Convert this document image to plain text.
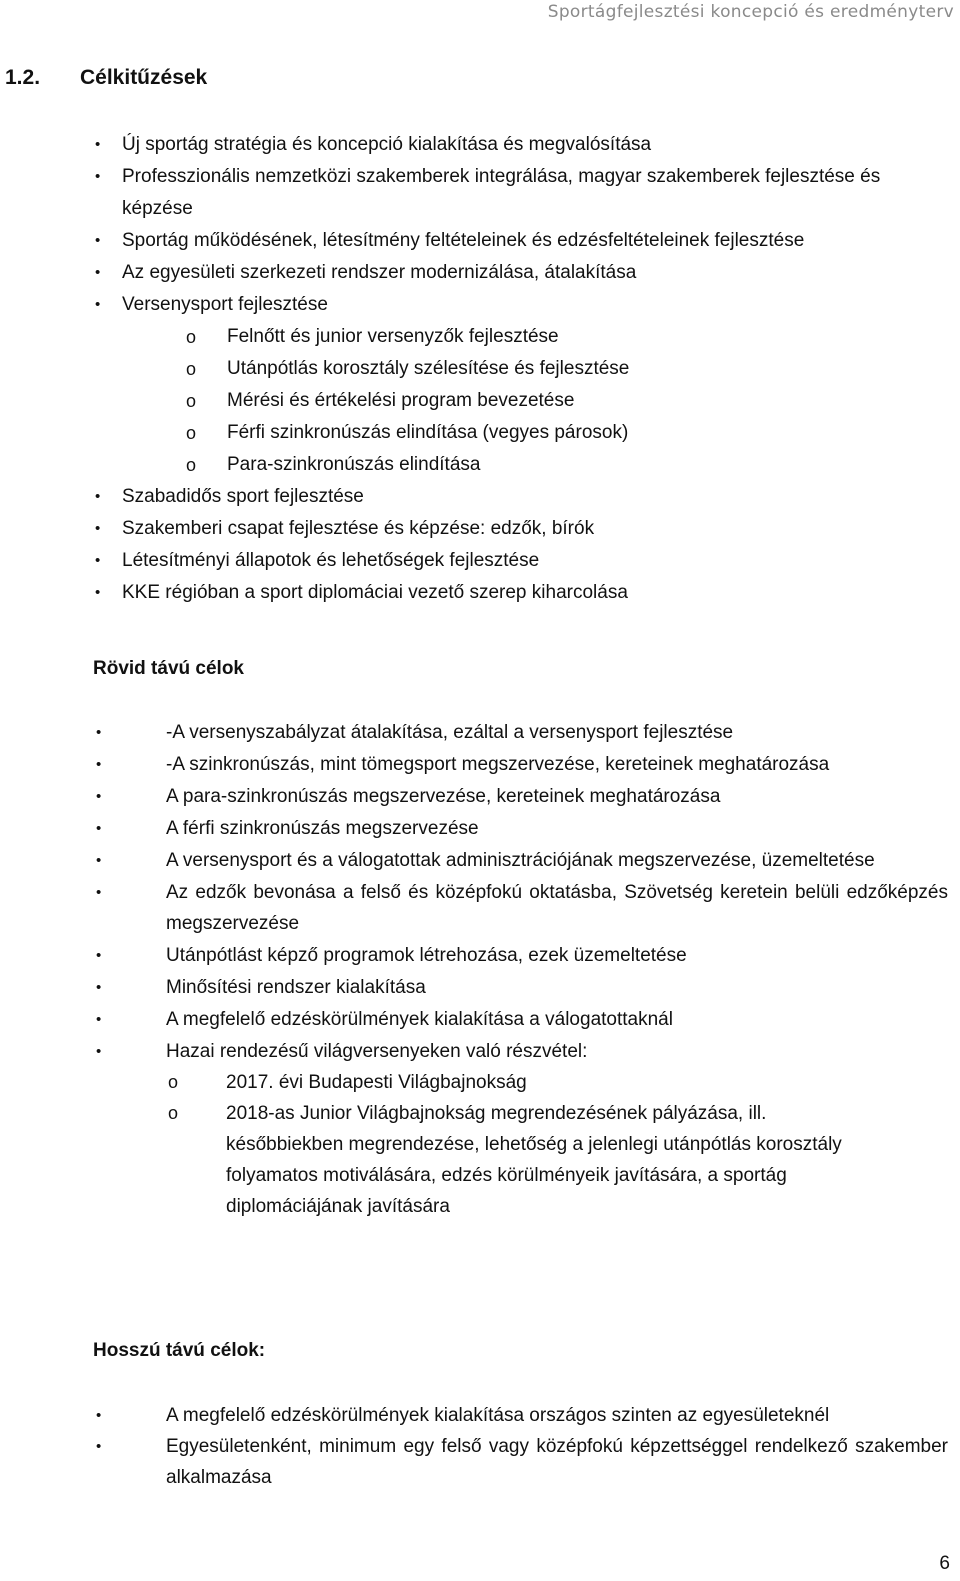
Sportágfejlesztési koncepció és eredményterv
1.2. Célkitűzések
• Új sportág stratégia és koncepció kialakítása és megvalósítása
• Professzionális nemzetközi szakemberek integrálása, magyar szakemberek fejlesztése és képzése
• Sportág működésének, létesítmény feltételeinek és edzésfeltételeinek fejlesztése
• Az egyesületi szerkezeti rendszer modernizálása, átalakítása
• Versenysport fejlesztése
o Felnőtt és junior versenyzők fejlesztése
o Utánpótlás korosztály szélesítése és fejlesztése
o Mérési és értékelési program bevezetése
o Férfi szinkronúszás elindítása (vegyes párosok)
o Para-szinkronúszás elindítása
• Szabadidős sport fejlesztése
• Szakemberi csapat fejlesztése és képzése: edzők, bírók
• Létesítményi állapotok és lehetőségek fejlesztése
• KKE régióban a sport diplomáciai vezető szerep kiharcolása
Rövid távú célok
•	-A versenyszabályzat átalakítása, ezáltal a versenysport fejlesztése
•	-A szinkronúszás, mint tömegsport megszervezése, kereteinek meghatározása
•	A para-szinkronúszás megszervezése, kereteinek meghatározása
•	A férfi szinkronúszás megszervezése
•	A versenysport és a válogatottak adminisztrációjának megszervezése, üzemeltetése
•	Az edzők bevonása a felső és középfokú oktatásba, Szövetség keretein belüli edzőképzés megszervezése
•	Utánpótlást képző programok létrehozása, ezek üzemeltetése
•	Minősítési rendszer kialakítása
•	A megfelelő edzéskörülmények kialakítása a válogatottaknál
•	Hazai rendezésű világversenyeken való részvétel:
o	2017. évi Budapesti Világbajnokság
o	2018-as Junior Világbajnokság megrendezésének pályázása, ill. későbbiekben megrendezése, lehetőség a jelenlegi utánpótlás korosztály folyamatos motiválására, edzés körülményeik javítására, a sportág diplomáciájának javítására
Hosszú távú célok:
•	A megfelelő edzéskörülmények kialakítása országos szinten az egyesületeknél
•	Egyesületenként, minimum egy felső vagy középfokú képzettséggel rendelkező szakember alkalmazása
6
